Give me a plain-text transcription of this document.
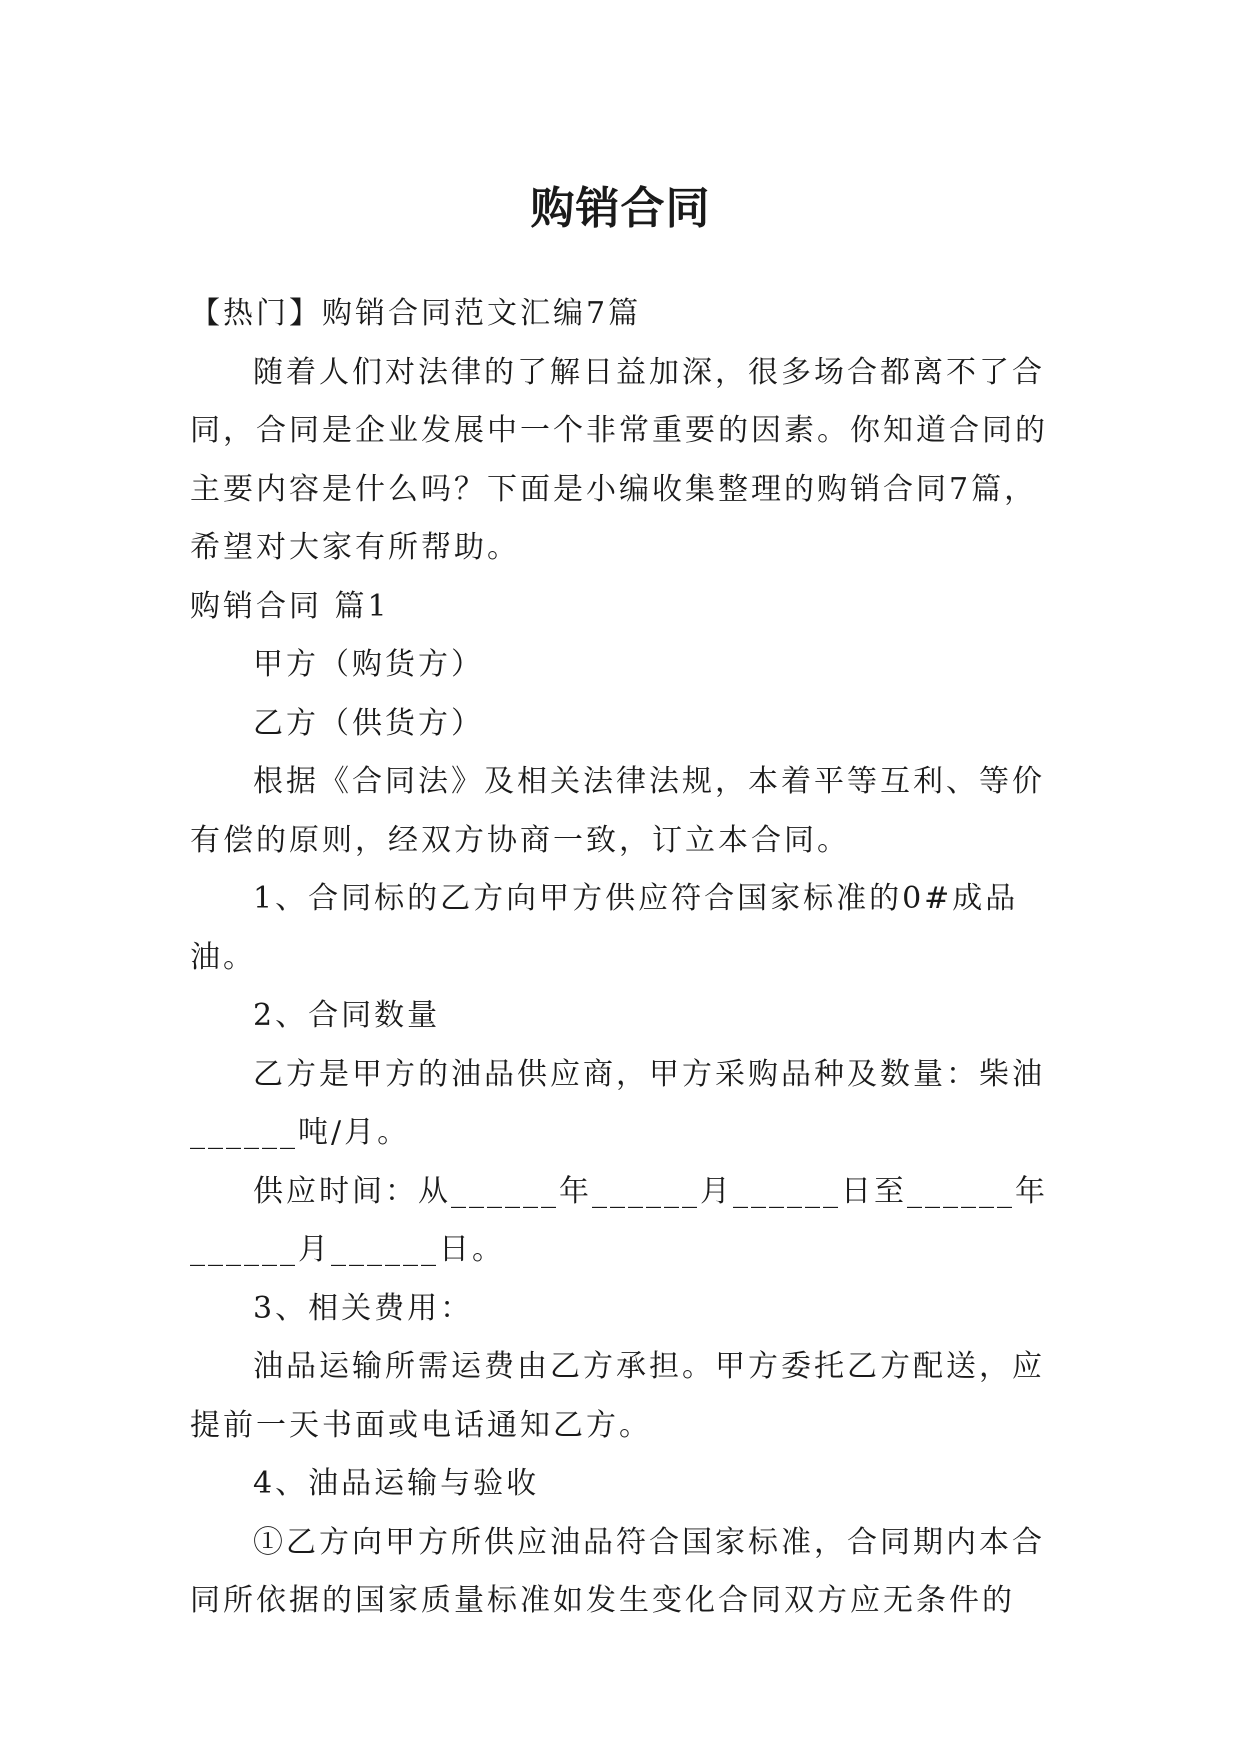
购销合同

【热门】购销合同范文汇编7篇

随着人们对法律的了解日益加深，很多场合都离不了合同，合同是企业发展中一个非常重要的因素。你知道合同的主要内容是什么吗？下面是小编收集整理的购销合同7篇，希望对大家有所帮助。

购销合同 篇1

甲方（购货方）

乙方（供货方）

根据《合同法》及相关法律法规，本着平等互利、等价有偿的原则，经双方协商一致，订立本合同。

1、合同标的乙方向甲方供应符合国家标准的0#成品油。

2、合同数量

乙方是甲方的油品供应商，甲方采购品种及数量：柴油______吨/月。

供应时间：从______年______月______日至______年______月______日。

3、相关费用：

油品运输所需运费由乙方承担。甲方委托乙方配送，应提前一天书面或电话通知乙方。

4、油品运输与验收

①乙方向甲方所供应油品符合国家标准，合同期内本合同所依据的国家质量标准如发生变化合同双方应无条件的
